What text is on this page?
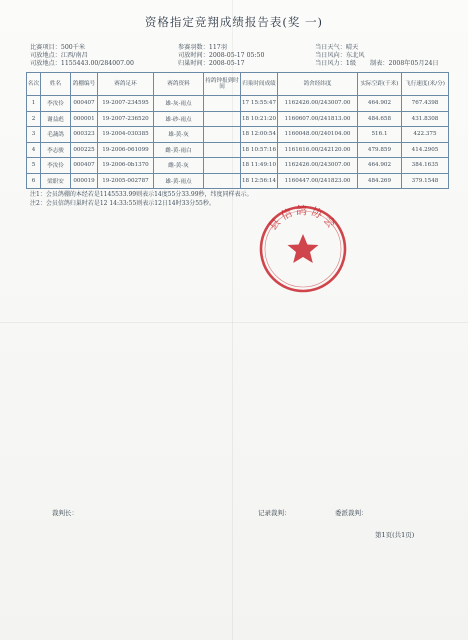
资格指定竞翔成绩报告表(奖 一)
比赛项目：500千米	参赛羽数：117羽	当日天气：晴天
司放地点：江西/南昌	司放时间：2008-05-17 05:50	当日风向：东北风
司放地点：1155443.00/284007.00	归巢时间：2008-05-17	当日风力：1级 制表：2008年05月24日
名次	姓名	鸽棚编号	赛鸽足环	赛鸽资料	持鸽钟报到时间	归巢时间成绩	鸽舍经纬度	实际空距(千米)	飞行速度(米/分)
1	李汝伶	000407	19-2007-234595	雄-灰-雨点		17 15:55:47	1162426.00/243007.00	464.902	767.4398
2	谢益彪	000001	19-2007-236520	雄-砂-雨点		18 10:21:20	1160607.00/241813.00	484.658	431.8308
3	毛蔬鸽	000323	19-2004-030385	雄-黄-灰		18 12:00:54	1160048.00/240104.00	516.1	422.375
4	李志骏	000225	19-2006-061099	雌-黄-雨白		18 10:57:16	1161616.00/242120.00	479.859	414.2905
5	李汝伶	000407	19-2006-0b1370	雌-黄-灰		18 11:49:10	1162426.00/243007.00	464.902	384.1635
6	梁职安	000019	19-2005-002787	雄-黄-雨点		18 12:56:14	1160447.00/241823.00	484.269	379.1548
注1：会员鸽棚的本经若是1145533.99则表示14度55分33.99秒，纬度同样表示。
注2：会员信鸽归巢时若是12 14:33:55则表示12日14时33分55秒。
县信鸽协会
裁判长：	记录裁判：	委派裁判：
第1页(共1页)
